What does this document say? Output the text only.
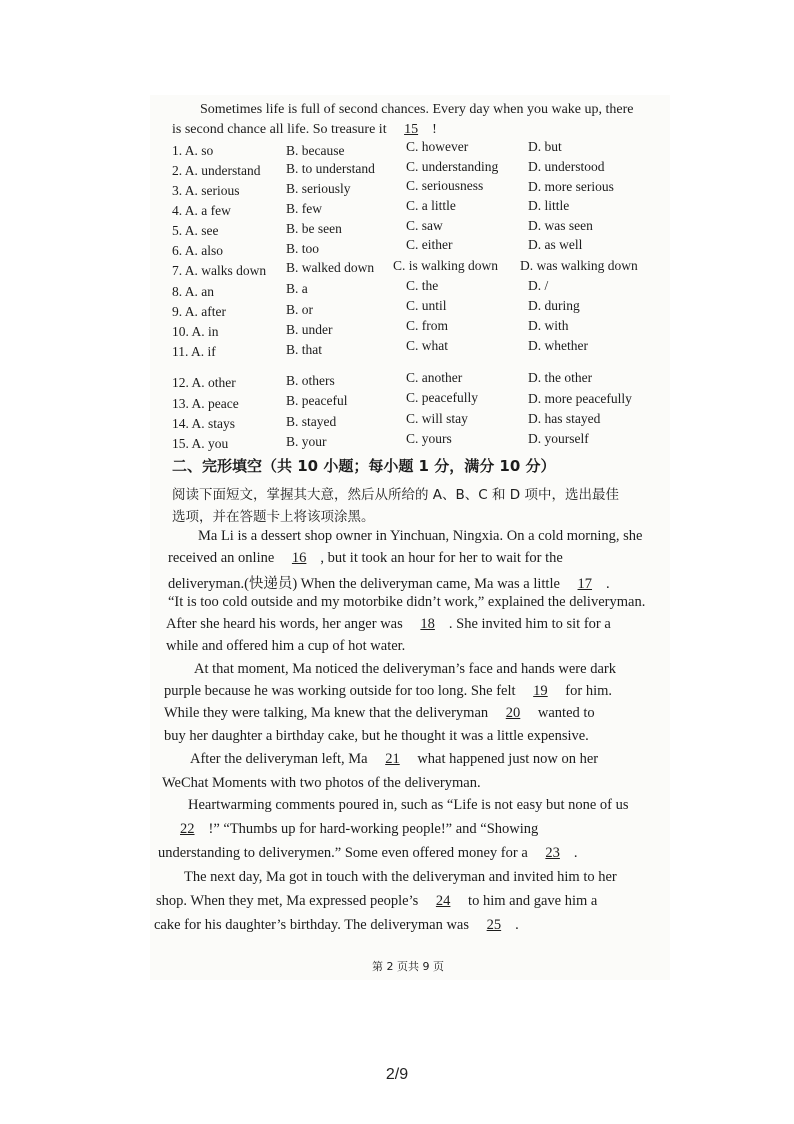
Sometimes life is full of second chances. Every day when you wake up, there
is second chance all life. So treasure it 15 !
1. A. so	B. because	C. however	D. but
2. A. understand B. to understand C. understanding D. understood
3. A. serious	B. seriously	C. seriousness	D. more serious
4. A. a few	B. few	C. a little	D. little
5. A. see	B. be seen	C. saw	D. was seen
6. A. also	B. too	C. either	D. as well
7. A. walks down B. walked down C. is walking down D. was walking down
8. A. an	B. a	C. the	D. /
9. A. after	B. or	C. until	D. during
10. A. in	B. under	C. from	D. with
11. A. if	B. that	C. what	D. whether
12. A. other	B. others	C. another	D. the other
13. A. peace	B. peaceful	C. peacefully	D. more peacefully
14. A. stays	B. stayed	C. will stay	D. has stayed
15. A. you	B. your	C. yours	D. yourself
二、完形填空（共 10 小题；每小题 1 分，满分 10 分）
阅读下面短文，掌握其大意，然后从所给的 A、B、C 和 D 项中，选出最佳
选项，并在答题卡上将该项涂黑。
Ma Li is a dessert shop owner in Yinchuan, Ningxia. On a cold morning, she
received an online 16 , but it took an hour for her to wait for the
deliveryman.(快递员) When the deliveryman came, Ma was a little 17 .
“It is too cold outside and my motorbike didn’t work,” explained the deliveryman.
After she heard his words, her anger was 18 . She invited him to sit for a
while and offered him a cup of hot water.
At that moment, Ma noticed the deliveryman’s face and hands were dark
purple because he was working outside for too long. She felt 19 for him.
While they were talking, Ma knew that the deliveryman 20 wanted to
buy her daughter a birthday cake, but he thought it was a little expensive.
After the deliveryman left, Ma 21 what happened just now on her
WeChat Moments with two photos of the deliveryman.
Heartwarming comments poured in, such as “Life is not easy but none of us
22 !” “Thumbs up for hard-working people!” and “Showing
understanding to deliverymen.” Some even offered money for a 23 .
The next day, Ma got in touch with the deliveryman and invited him to her
shop. When they met, Ma expressed people’s 24 to him and gave him a
cake for his daughter’s birthday. The deliveryman was 25 .
第 2 页共 9 页
2/9
